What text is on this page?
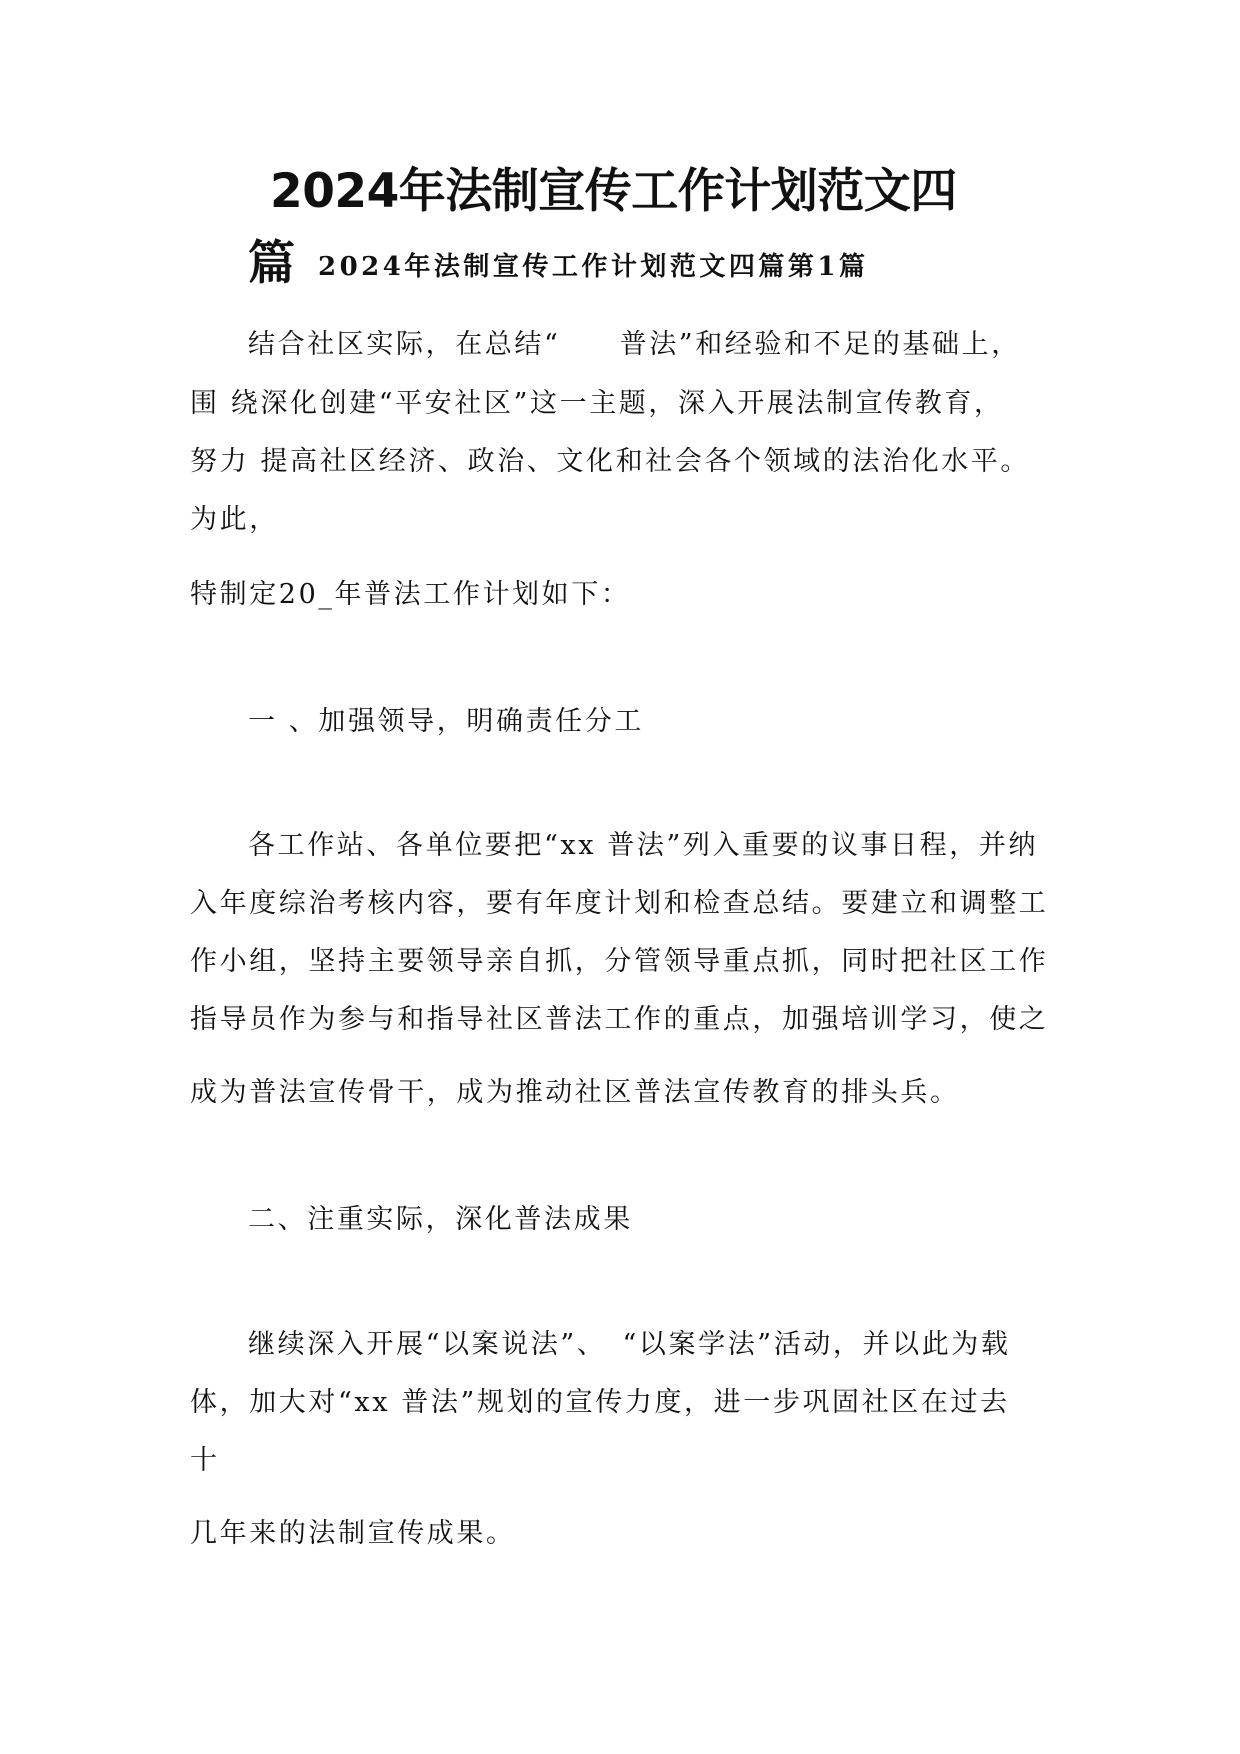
2024年法制宣传工作计划范文四
篇 2024年法制宣传工作计划范文四篇第1篇
结合社区实际，在总结“　　普法”和经验和不足的基础上，
围 绕深化创建“平安社区”这一主题，深入开展法制宣传教育，
努力 提高社区经济、政治、文化和社会各个领域的法治化水平。
为此，
特制定20_年普法工作计划如下：
一 、加强领导，明确责任分工
各工作站、各单位要把“xx 普法”列入重要的议事日程，并纳
入年度综治考核内容，要有年度计划和检查总结。要建立和调整工
作小组，坚持主要领导亲自抓，分管领导重点抓，同时把社区工作
指导员作为参与和指导社区普法工作的重点，加强培训学习，使之
成为普法宣传骨干，成为推动社区普法宣传教育的排头兵。
二、注重实际，深化普法成果
继续深入开展“以案说法”、　“以案学法”活动，并以此为载
体，加大对“xx 普法”规划的宣传力度，进一步巩固社区在过去
十
几年来的法制宣传成果。
